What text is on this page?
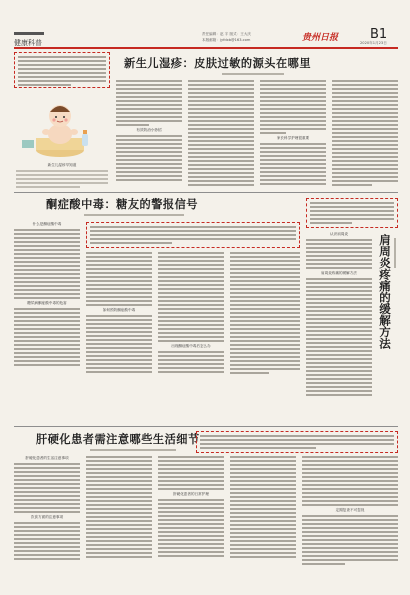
健康科普
责任编辑：赵 宇 版式：王大庆
本版邮箱：jyfdxb@163.com	贵州日报 B1
2020年1月23日
新生儿湿疹早知道
新生儿湿疹：皮肤过敏的源头在哪里
有效防治小妙招
家长科学护理很重要
酮症酸中毒：糖友的警报信号
什么是酮症酸中毒
糖尿病酮症酸中毒的危害
如何预防酮症酸中毒
出现酮症酸中毒后怎么办
认识肩周炎
肩周炎疼痛的缓解方法	肩周炎疼痛的缓解方法
肝硬化患者需注意哪些生活细节
肝硬化患者的生活注意事项
饮食方面的注意事项
肝硬化患者的日常护理
定期复查不可忽视
